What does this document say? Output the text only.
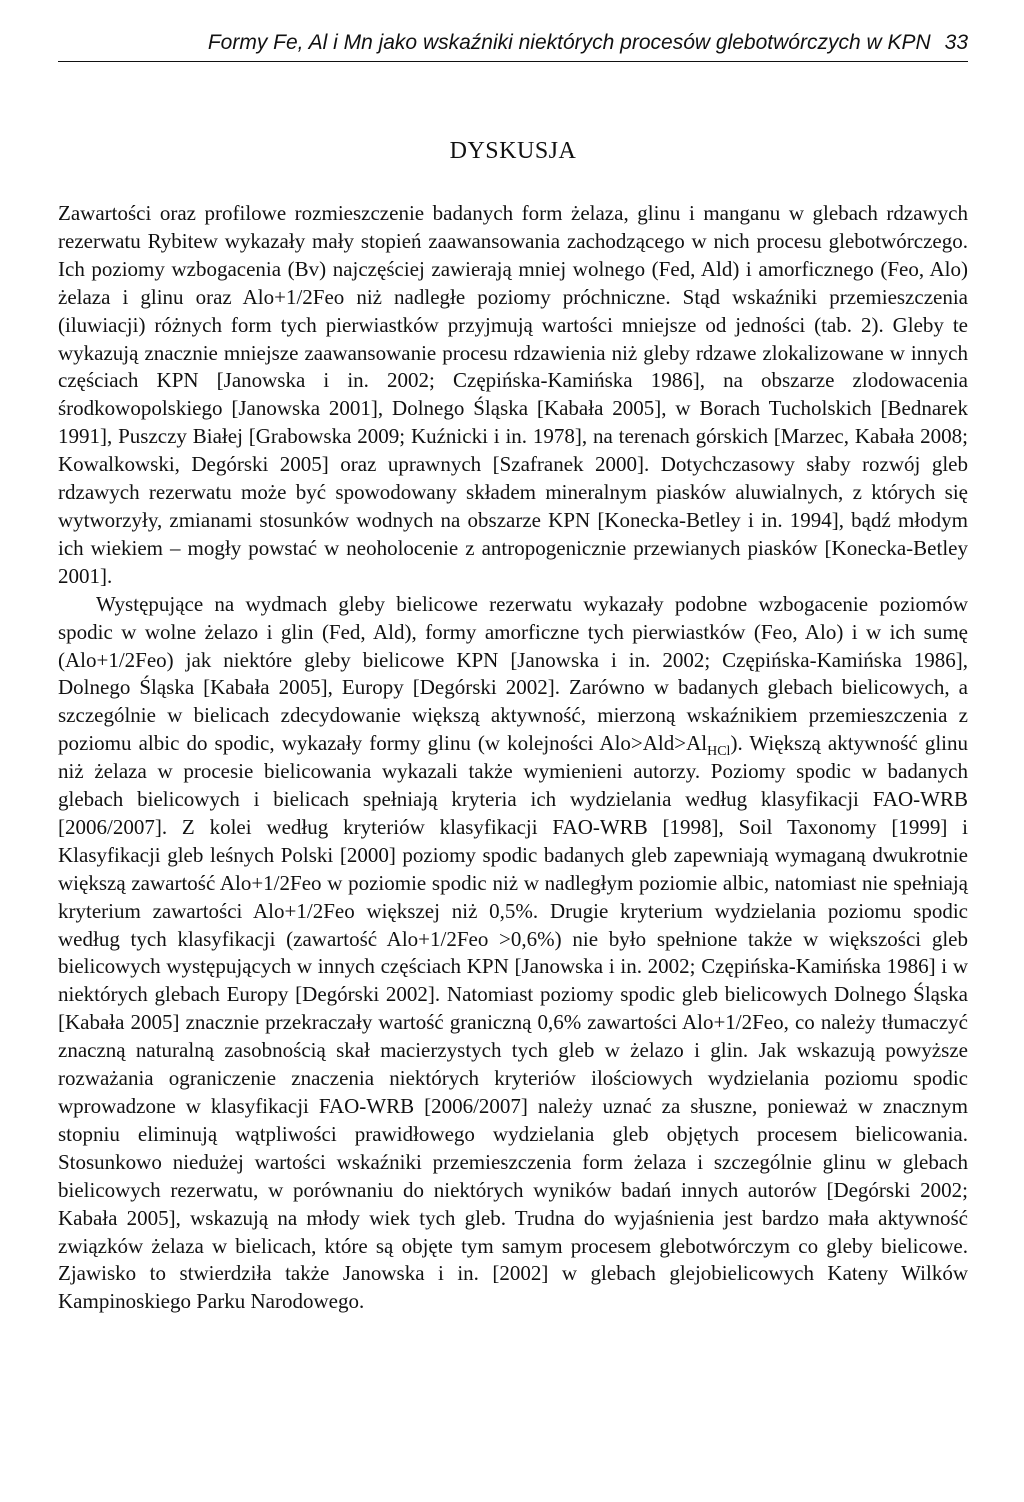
Formy Fe, Al i Mn jako wskaźniki niektórych procesów glebotwórczych w KPN 33
DYSKUSJA

Zawartości oraz profilowe rozmieszczenie badanych form żelaza, glinu i manganu w glebach rdzawych rezerwatu Rybitew wykazały mały stopień zaawansowania zachodzącego w nich procesu glebotwórczego. Ich poziomy wzbogacenia (Bv) najczęściej zawierają mniej wolnego (Fed, Ald) i amorficznego (Feo, Alo) żelaza i glinu oraz Alo+1/2Feo niż nadległe poziomy próchniczne. Stąd wskaźniki przemieszczenia (iluwiacji) różnych form tych pierwiastków przyjmują wartości mniejsze od jedności (tab. 2). Gleby te wykazują znacznie mniejsze zaawansowanie procesu rdzawienia niż gleby rdzawe zlokalizowane w innych częściach KPN [Janowska i in. 2002; Czępińska-Kamińska 1986], na obszarze zlodowacenia środkowopolskiego [Janowska 2001], Dolnego Śląska [Kabała 2005], w Borach Tucholskich [Bednarek 1991], Puszczy Białej [Grabowska 2009; Kuźnicki i in. 1978], na terenach górskich [Marzec, Kabała 2008; Kowalkowski, Degórski 2005] oraz uprawnych [Szafranek 2000]. Dotychczasowy słaby rozwój gleb rdzawych rezerwatu może być spowodowany składem mineralnym piasków aluwialnych, z których się wytworzyły, zmianami stosunków wodnych na obszarze KPN [Konecka-Betley i in. 1994], bądź młodym ich wiekiem – mogły powstać w neoholocenie z antropogenicznie przewianych piasków [Konecka-Betley 2001].

Występujące na wydmach gleby bielicowe rezerwatu wykazały podobne wzbogacenie poziomów spodic w wolne żelazo i glin (Fed, Ald), formy amorficzne tych pierwiastków (Feo, Alo) i w ich sumę (Alo+1/2Feo) jak niektóre gleby bielicowe KPN [Janowska i in. 2002; Czępińska-Kamińska 1986], Dolnego Śląska [Kabała 2005], Europy [Degórski 2002]. Zarówno w badanych glebach bielicowych, a szczególnie w bielicach zdecydowanie większą aktywność, mierzoną wskaźnikiem przemieszczenia z poziomu albic do spodic, wykazały formy glinu (w kolejności $Alo>Ald>Al_{HCl}$). Większą aktywność glinu niż żelaza w procesie bielicowania wykazali także wymienieni autorzy. Poziomy spodic w badanych glebach bielicowych i bielicach spełniają kryteria ich wydzielania według klasyfikacji FAO-WRB [2006/2007]. Z kolei według kryteriów klasyfikacji FAO-WRB [1998], Soil Taxonomy [1999] i Klasyfikacji gleb leśnych Polski [2000] poziomy spodic badanych gleb zapewniają wymaganą dwukrotnie większą zawartość Alo+1/2Feo w poziomie spodic niż w nadległym poziomie albic, natomiast nie spełniają kryterium zawartości Alo+1/2Feo większej niż 0,5%. Drugie kryterium wydzielania poziomu spodic według tych klasyfikacji (zawartość Alo+1/2Feo >0,6%) nie było spełnione także w większości gleb bielicowych występujących w innych częściach KPN [Janowska i in. 2002; Czępińska-Kamińska 1986] i w niektórych glebach Europy [Degórski 2002]. Natomiast poziomy spodic gleb bielicowych Dolnego Śląska [Kabała 2005] znacznie przekraczały wartość graniczną 0,6% zawartości Alo+1/2Feo, co należy tłumaczyć znaczną naturalną zasobnością skał macierzystych tych gleb w żelazo i glin. Jak wskazują powyższe rozważania ograniczenie znaczenia niektórych kryteriów ilościowych wydzielania poziomu spodic wprowadzone w klasyfikacji FAO-WRB [2006/2007] należy uznać za słuszne, ponieważ w znacznym stopniu eliminują wątpliwości prawidłowego wydzielania gleb objętych procesem bielicowania. Stosunkowo niedużej wartości wskaźniki przemieszczenia form żelaza i szczególnie glinu w glebach bielicowych rezerwatu, w porównaniu do niektórych wyników badań innych autorów [Degórski 2002; Kabała 2005], wskazują na młody wiek tych gleb. Trudna do wyjaśnienia jest bardzo mała aktywność związków żelaza w bielicach, które są objęte tym samym procesem glebotwórczym co gleby bielicowe. Zjawisko to stwierdziła także Janowska i in. [2002] w glebach glejobielicowych Kateny Wilków Kampinoskiego Parku Narodowego.
